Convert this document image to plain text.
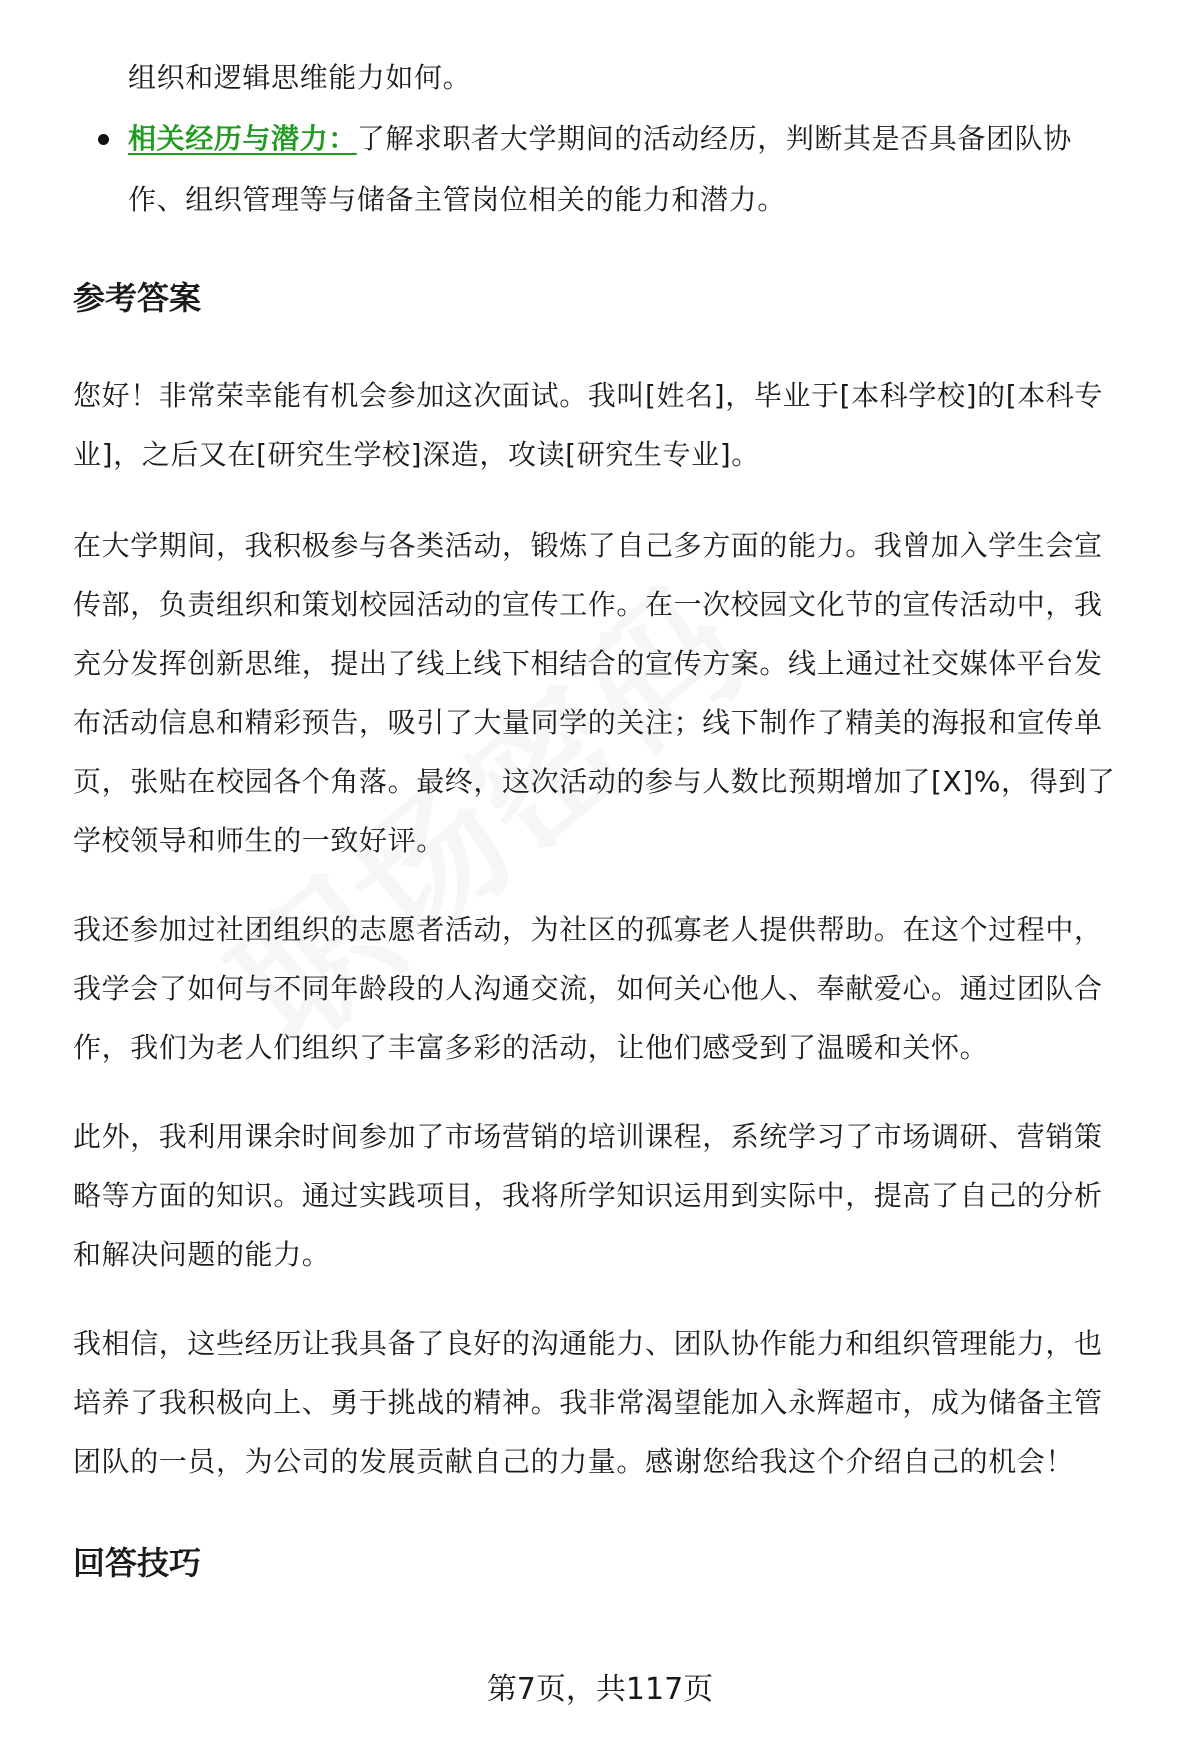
组织和逻辑思维能力如何。
相关经历与潜力：了解求职者大学期间的活动经历，判断其是否具备团队协
作、组织管理等与储备主管岗位相关的能力和潜力。
参考答案
您好！非常荣幸能有机会参加这次面试。我叫[姓名]，毕业于[本科学校]的[本科专
业]，之后又在[研究生学校]深造，攻读[研究生专业]。
在大学期间，我积极参与各类活动，锻炼了自己多方面的能力。我曾加入学生会宣
传部，负责组织和策划校园活动的宣传工作。在一次校园文化节的宣传活动中，我
充分发挥创新思维，提出了线上线下相结合的宣传方案。线上通过社交媒体平台发
布活动信息和精彩预告，吸引了大量同学的关注；线下制作了精美的海报和宣传单
页，张贴在校园各个角落。最终，这次活动的参与人数比预期增加了[X]%，得到了
学校领导和师生的一致好评。
我还参加过社团组织的志愿者活动，为社区的孤寡老人提供帮助。在这个过程中，
我学会了如何与不同年龄段的人沟通交流，如何关心他人、奉献爱心。通过团队合
作，我们为老人们组织了丰富多彩的活动，让他们感受到了温暖和关怀。
此外，我利用课余时间参加了市场营销的培训课程，系统学习了市场调研、营销策
略等方面的知识。通过实践项目，我将所学知识运用到实际中，提高了自己的分析
和解决问题的能力。
我相信，这些经历让我具备了良好的沟通能力、团队协作能力和组织管理能力，也
培养了我积极向上、勇于挑战的精神。我非常渴望能加入永辉超市，成为储备主管
团队的一员，为公司的发展贡献自己的力量。感谢您给我这个介绍自己的机会！
回答技巧
第7页，共117页
